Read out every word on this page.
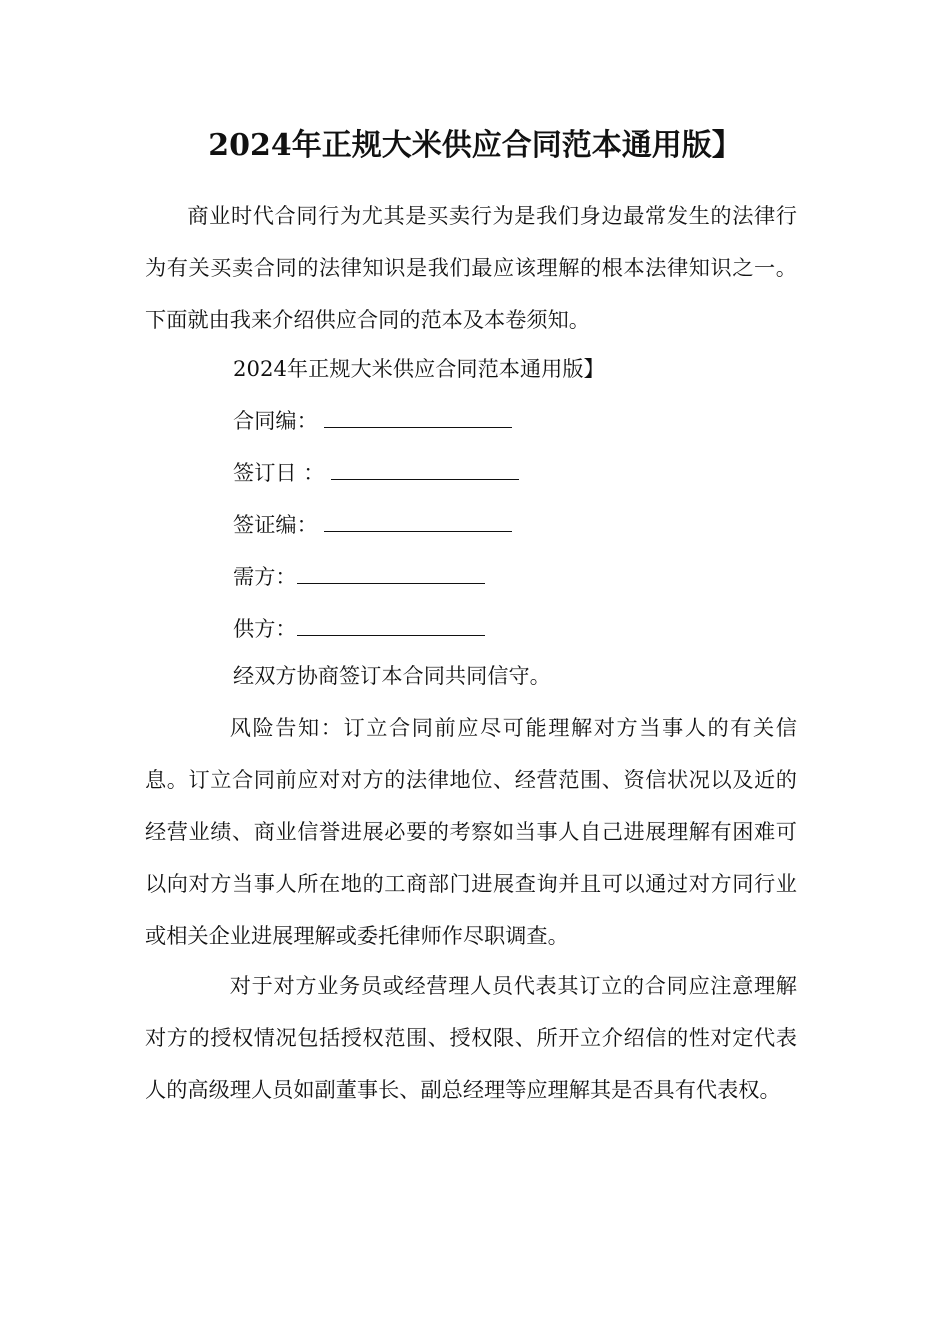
2024年正规大米供应合同范本通用版】

商业时代合同行为尤其是买卖行为是我们身边最常发生的法律行为有关买卖合同的法律知识是我们最应该理解的根本法律知识之一。下面就由我来介绍供应合同的范本及本卷须知。

2024年正规大米供应合同范本通用版】
合同编：
签订日 ：
签证编：
需方：
供方：
经双方协商签订本合同共同信守。

风险告知：订立合同前应尽可能理解对方当事人的有关信息。订立合同前应对对方的法律地位、经营范围、资信状况以及近的经营业绩、商业信誉进展必要的考察如当事人自己进展理解有困难可以向对方当事人所在地的工商部门进展查询并且可以通过对方同行业或相关企业进展理解或委托律师作尽职调查。

对于对方业务员或经营理人员代表其订立的合同应注意理解对方的授权情况包括授权范围、授权限、所开立介绍信的性对定代表人的高级理人员如副董事长、副总经理等应理解其是否具有代表权。
